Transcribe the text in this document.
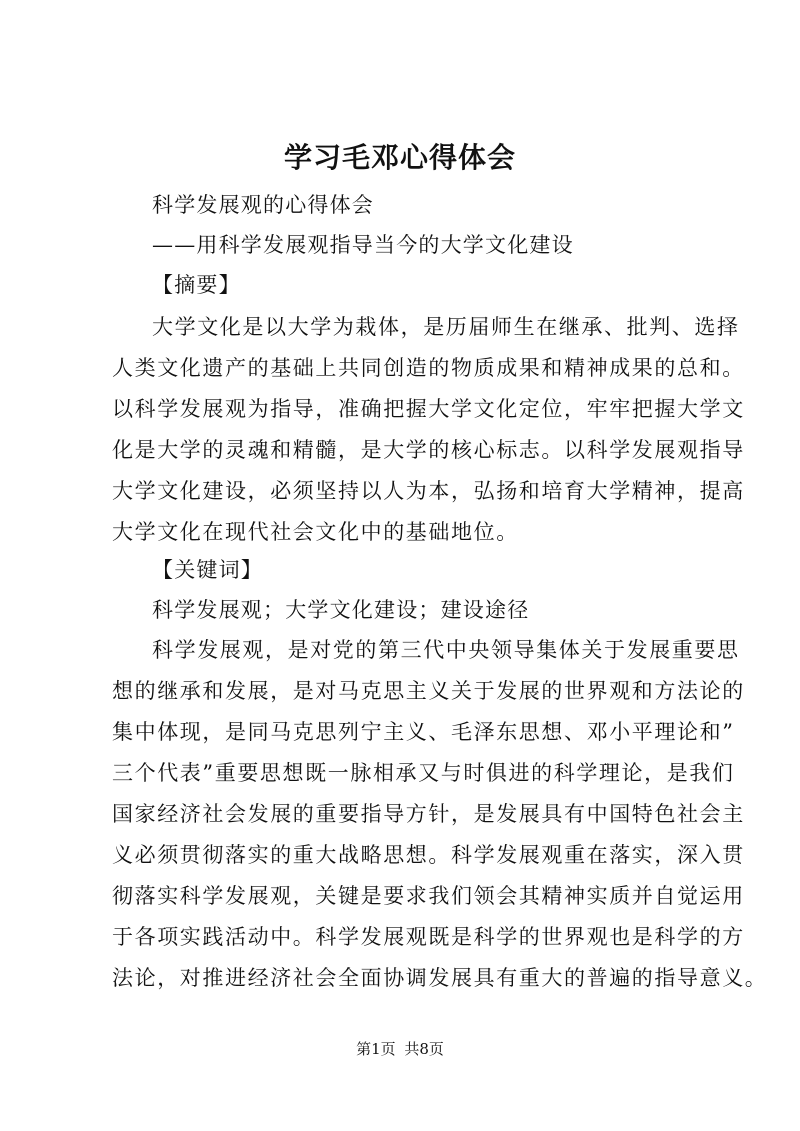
学习毛邓心得体会

科学发展观的心得体会

——用科学发展观指导当今的大学文化建设

【摘要】

大学文化是以大学为栽体，是历届师生在继承、批判、选择

人类文化遗产的基础上共同创造的物质成果和精神成果的总和。

以科学发展观为指导，准确把握大学文化定位，牢牢把握大学文

化是大学的灵魂和精髓，是大学的核心标志。以科学发展观指导

大学文化建设，必须坚持以人为本，弘扬和培育大学精神，提高

大学文化在现代社会文化中的基础地位。

【关键词】

科学发展观；大学文化建设；建设途径

科学发展观，是对党的第三代中央领导集体关于发展重要思

想的继承和发展，是对马克思主义关于发展的世界观和方法论的

集中体现，是同马克思列宁主义、毛泽东思想、邓小平理论和”

三个代表”重要思想既一脉相承又与时俱进的科学理论，是我们

国家经济社会发展的重要指导方针，是发展具有中国特色社会主

义必须贯彻落实的重大战略思想。科学发展观重在落实，深入贯

彻落实科学发展观，关键是要求我们领会其精神实质并自觉运用

于各项实践活动中。科学发展观既是科学的世界观也是科学的方

法论，对推进经济社会全面协调发展具有重大的普遍的指导意义。

第1页 共8页
